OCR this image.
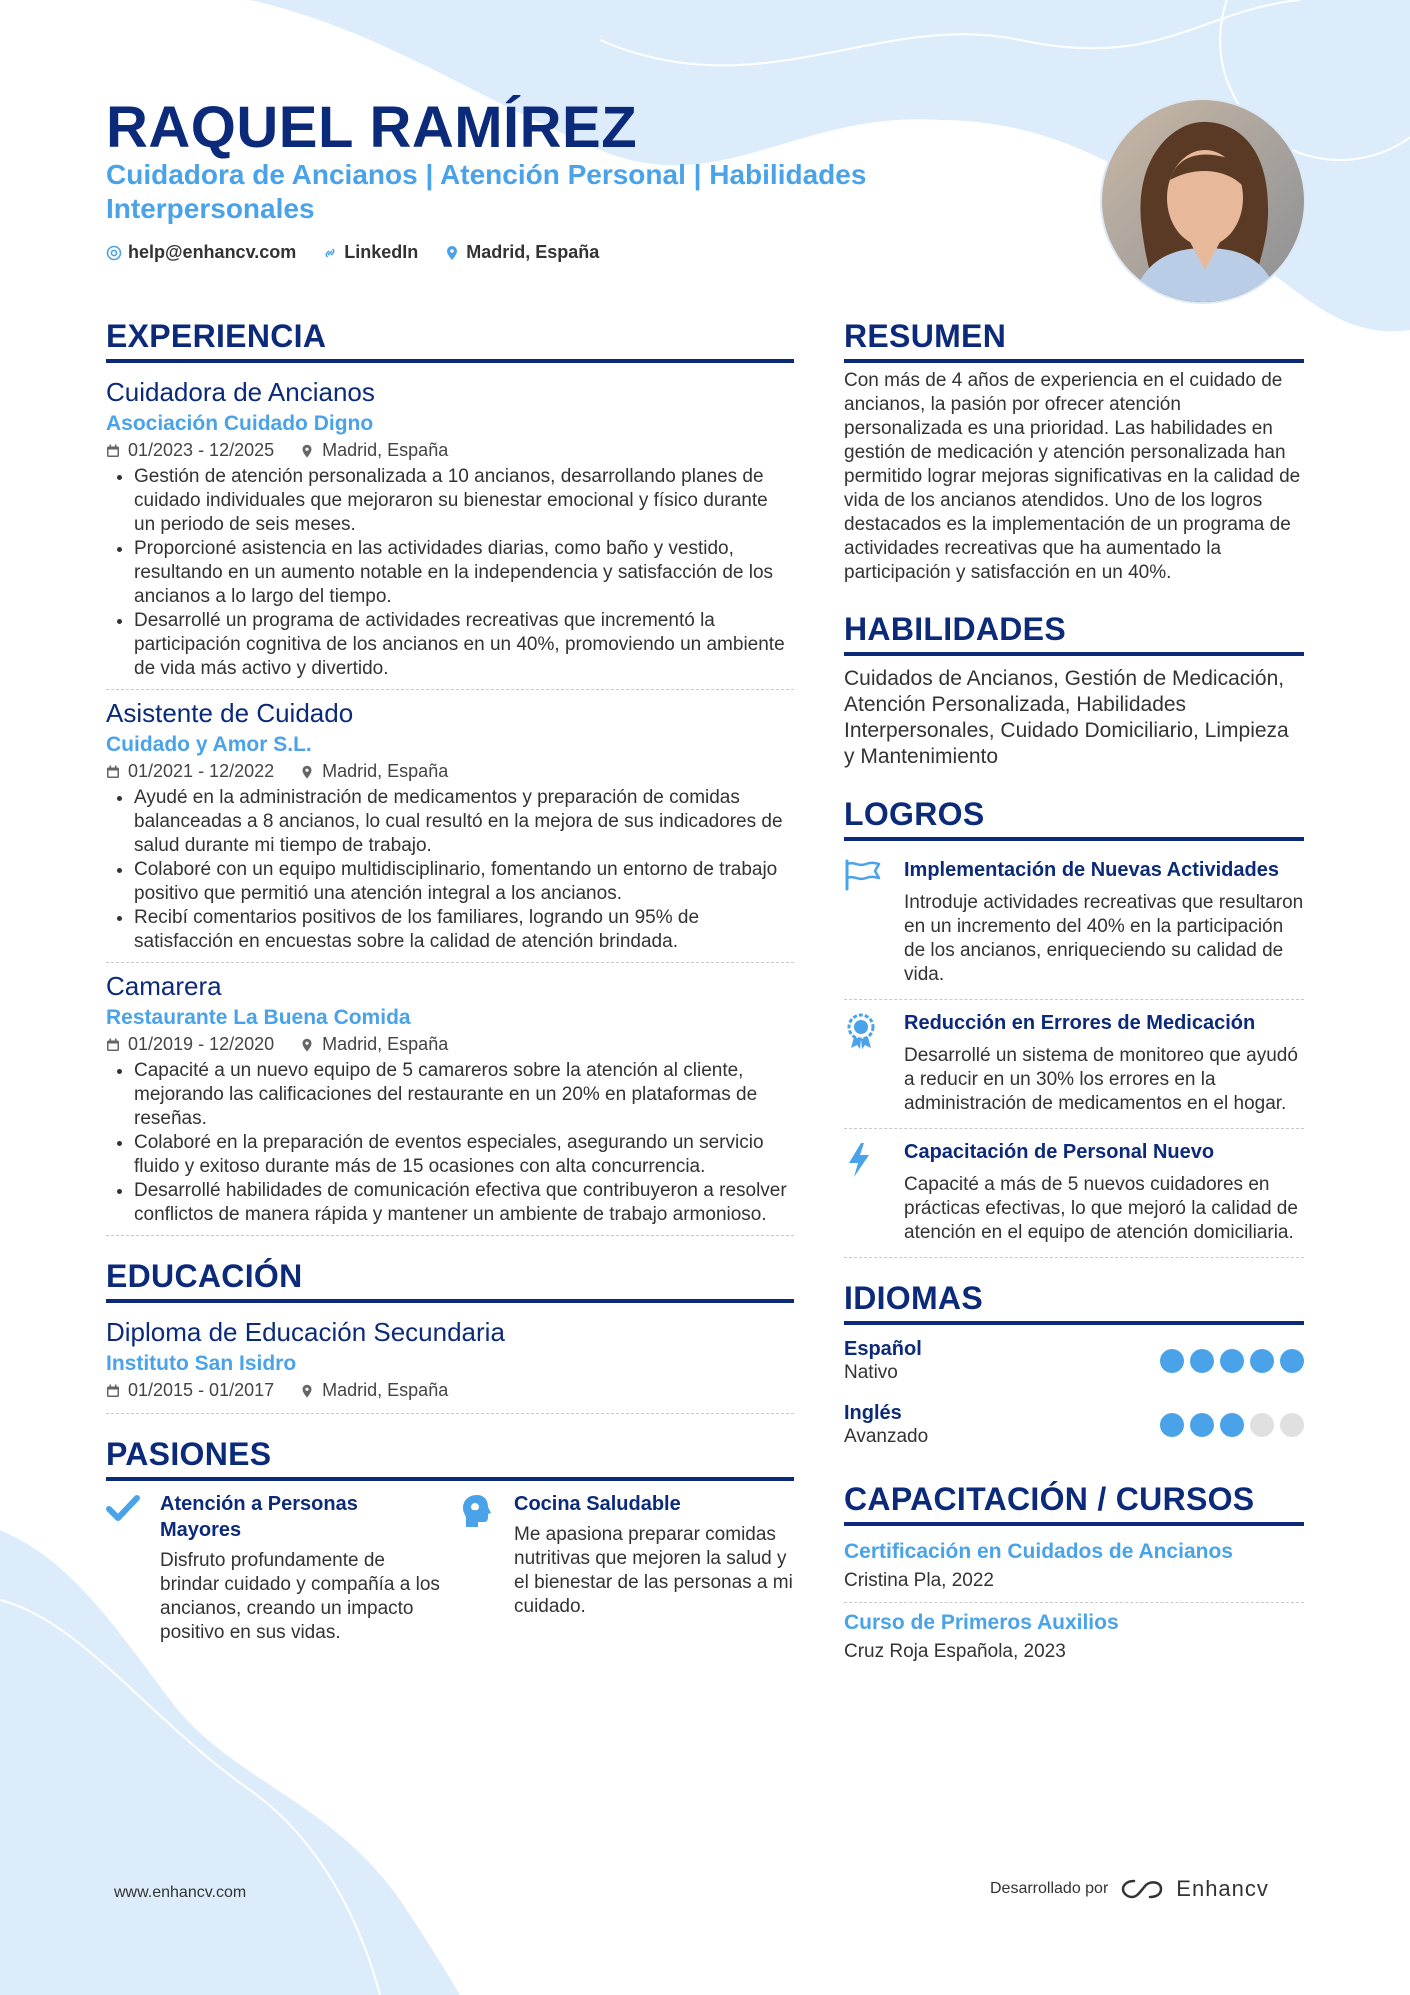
RAQUEL RAMÍREZ
Cuidadora de Ancianos | Atención Personal | Habilidades Interpersonales
help@enhancv.com	LinkedIn	Madrid, España
EXPERIENCIA
Cuidadora de Ancianos
Asociación Cuidado Digno
01/2023 - 12/2025	Madrid, España
• Gestión de atención personalizada a 10 ancianos, desarrollando planes de cuidado individuales que mejoraron su bienestar emocional y físico durante un periodo de seis meses.
• Proporcioné asistencia en las actividades diarias, como baño y vestido, resultando en un aumento notable en la independencia y satisfacción de los ancianos a lo largo del tiempo.
• Desarrollé un programa de actividades recreativas que incrementó la participación cognitiva de los ancianos en un 40%, promoviendo un ambiente de vida más activo y divertido.
Asistente de Cuidado
Cuidado y Amor S.L.
01/2021 - 12/2022	Madrid, España
• Ayudé en la administración de medicamentos y preparación de comidas balanceadas a 8 ancianos, lo cual resultó en la mejora de sus indicadores de salud durante mi tiempo de trabajo.
• Colaboré con un equipo multidisciplinario, fomentando un entorno de trabajo positivo que permitió una atención integral a los ancianos.
• Recibí comentarios positivos de los familiares, logrando un 95% de satisfacción en encuestas sobre la calidad de atención brindada.
Camarera
Restaurante La Buena Comida
01/2019 - 12/2020	Madrid, España
• Capacité a un nuevo equipo de 5 camareros sobre la atención al cliente, mejorando las calificaciones del restaurante en un 20% en plataformas de reseñas.
• Colaboré en la preparación de eventos especiales, asegurando un servicio fluido y exitoso durante más de 15 ocasiones con alta concurrencia.
• Desarrollé habilidades de comunicación efectiva que contribuyeron a resolver conflictos de manera rápida y mantener un ambiente de trabajo armonioso.
EDUCACIÓN
Diploma de Educación Secundaria
Instituto San Isidro
01/2015 - 01/2017	Madrid, España
PASIONES
Atención a Personas Mayores
Disfruto profundamente de brindar cuidado y compañía a los ancianos, creando un impacto positivo en sus vidas.
Cocina Saludable
Me apasiona preparar comidas nutritivas que mejoren la salud y el bienestar de las personas a mi cuidado.
RESUMEN
Con más de 4 años de experiencia en el cuidado de ancianos, la pasión por ofrecer atención personalizada es una prioridad. Las habilidades en gestión de medicación y atención personalizada han permitido lograr mejoras significativas en la calidad de vida de los ancianos atendidos. Uno de los logros destacados es la implementación de un programa de actividades recreativas que ha aumentado la participación y satisfacción en un 40%.
HABILIDADES
Cuidados de Ancianos, Gestión de Medicación, Atención Personalizada, Habilidades Interpersonales, Cuidado Domiciliario, Limpieza y Mantenimiento
LOGROS
Implementación de Nuevas Actividades
Introduje actividades recreativas que resultaron en un incremento del 40% en la participación de los ancianos, enriqueciendo su calidad de vida.
Reducción en Errores de Medicación
Desarrollé un sistema de monitoreo que ayudó a reducir en un 30% los errores en la administración de medicamentos en el hogar.
Capacitación de Personal Nuevo
Capacité a más de 5 nuevos cuidadores en prácticas efectivas, lo que mejoró la calidad de atención en el equipo de atención domiciliaria.
IDIOMAS
Español
Nativo
Inglés
Avanzado
CAPACITACIÓN / CURSOS
Certificación en Cuidados de Ancianos
Cristina Pla, 2022
Curso de Primeros Auxilios
Cruz Roja Española, 2023
www.enhancv.com	Desarrollado por	Enhancv
